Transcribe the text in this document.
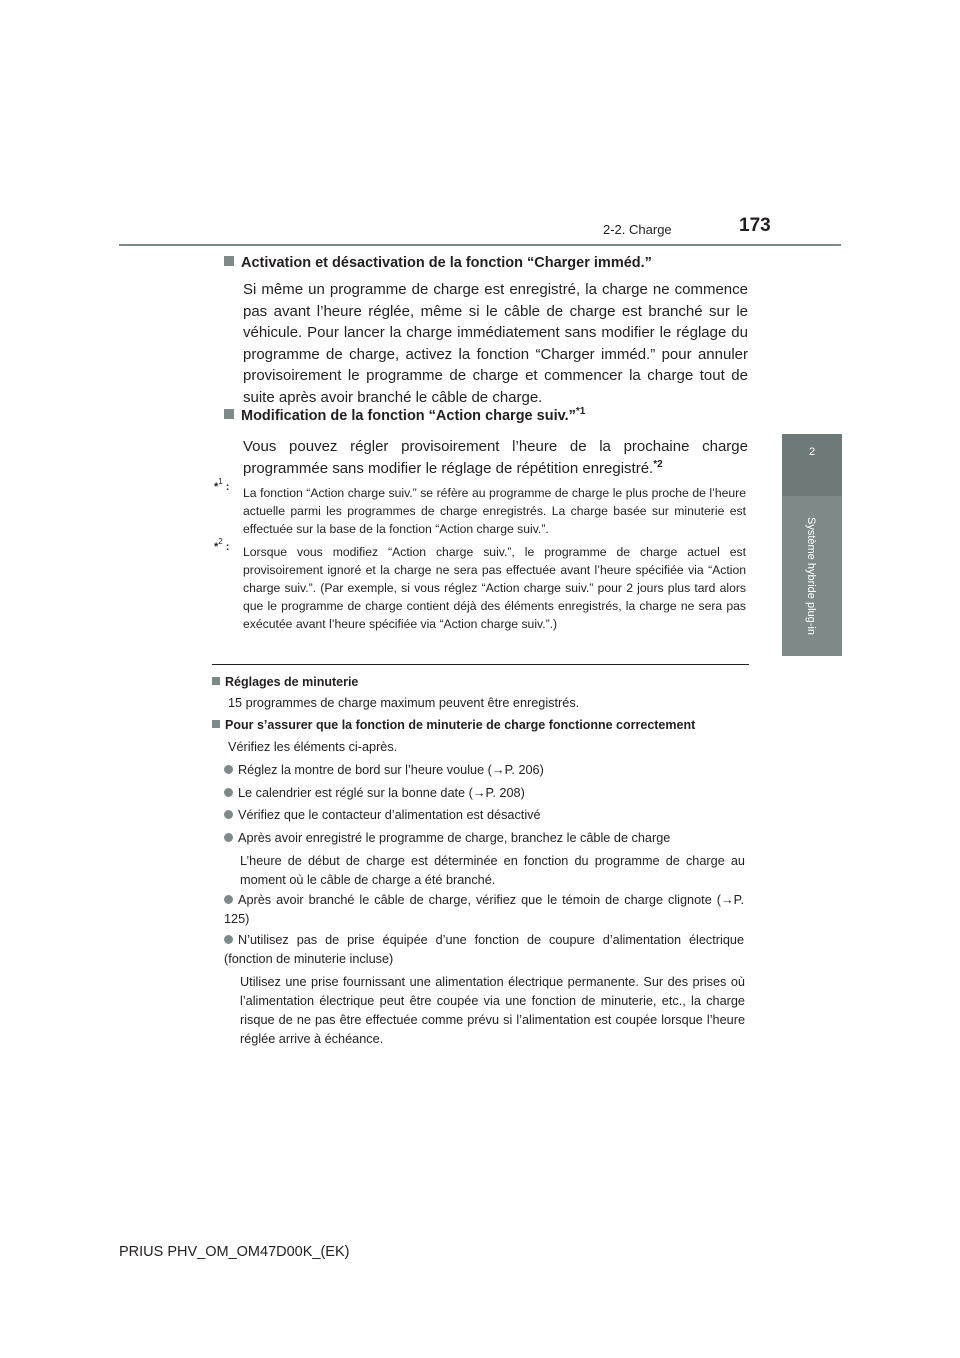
2-2. Charge	173
2
Système hybride plug-in
Activation et désactivation de la fonction “Charger imméd.”
Si même un programme de charge est enregistré, la charge ne commence pas avant l’heure réglée, même si le câble de charge est branché sur le véhicule. Pour lancer la charge immédiatement sans modifier le réglage du programme de charge, activez la fonction “Charger imméd.” pour annuler provisoirement le programme de charge et commencer la charge tout de suite après avoir branché le câble de charge.
Modification de la fonction “Action charge suiv.”$^{*1}$
Vous pouvez régler provisoirement l’heure de la prochaine charge programmée sans modifier le réglage de répétition enregistré.$^{*2}$
*$^1$ : La fonction “Action charge suiv.” se réfère au programme de charge le plus proche de l’heure actuelle parmi les programmes de charge enregistrés. La charge basée sur minuterie est effectuée sur la base de la fonction “Action charge suiv.”.
*$^2$ : Lorsque vous modifiez “Action charge suiv.”, le programme de charge actuel est provisoirement ignoré et la charge ne sera pas effectuée avant l’heure spécifiée via “Action charge suiv.”. (Par exemple, si vous réglez “Action charge suiv.” pour 2 jours plus tard alors que le programme de charge contient déjà des éléments enregistrés, la charge ne sera pas exécutée avant l’heure spécifiée via “Action charge suiv.”.)
Réglages de minuterie
15 programmes de charge maximum peuvent être enregistrés.
Pour s’assurer que la fonction de minuterie de charge fonctionne correctement
Vérifiez les éléments ci-après.
Réglez la montre de bord sur l’heure voulue (→P. 206)
Le calendrier est réglé sur la bonne date (→P. 208)
Vérifiez que le contacteur d’alimentation est désactivé
Après avoir enregistré le programme de charge, branchez le câble de charge
L’heure de début de charge est déterminée en fonction du programme de charge au moment où le câble de charge a été branché.
Après avoir branché le câble de charge, vérifiez que le témoin de charge clignote (→P. 125)
N’utilisez pas de prise équipée d’une fonction de coupure d’alimentation électrique (fonction de minuterie incluse)
Utilisez une prise fournissant une alimentation électrique permanente. Sur des prises où l’alimentation électrique peut être coupée via une fonction de minuterie, etc., la charge risque de ne pas être effectuée comme prévu si l’alimentation est coupée lorsque l’heure réglée arrive à échéance.
PRIUS PHV_OM_OM47D00K_(EK)
